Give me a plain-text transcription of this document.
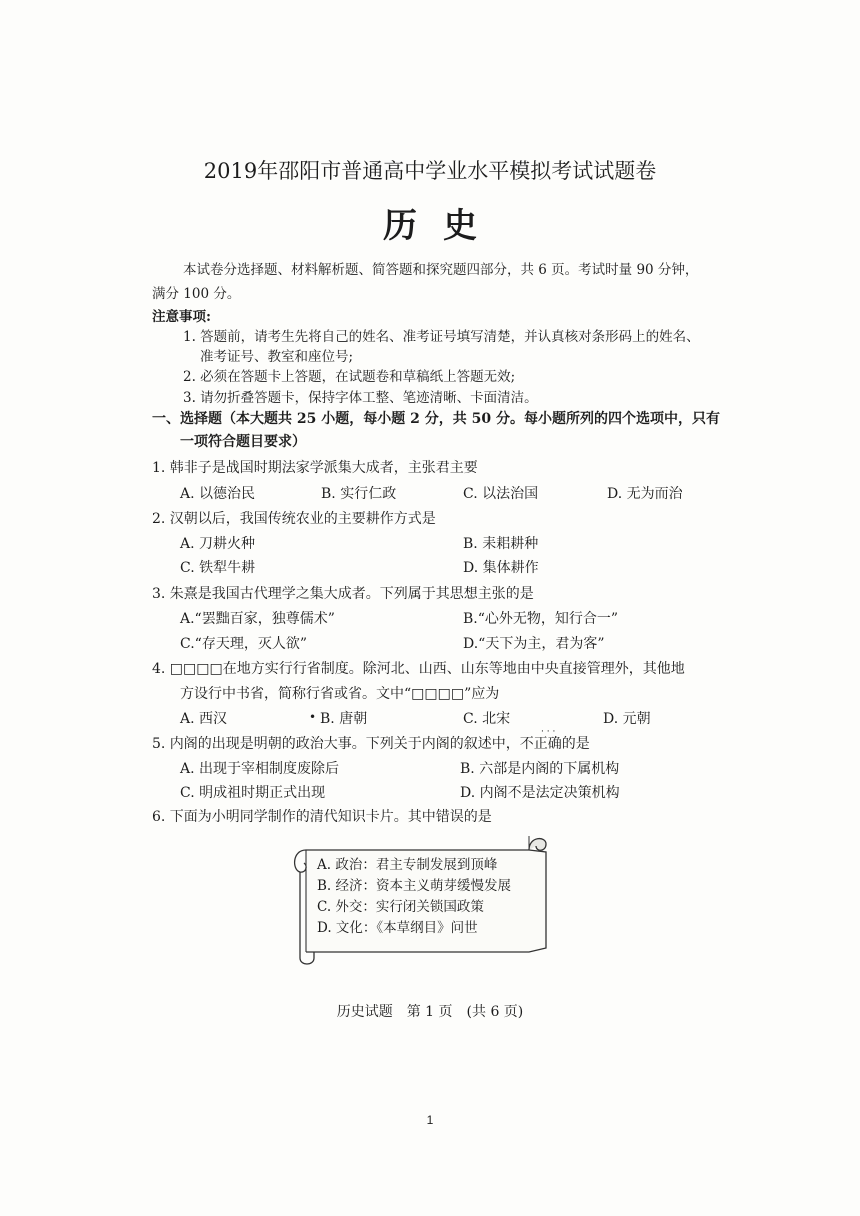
2019年邵阳市普通高中学业水平模拟考试试题卷
历史
本试卷分选择题、材料解析题、简答题和探究题四部分，共 6 页。考试时量 90 分钟，
满分 100 分。
注意事项:
1. 答题前，请考生先将自己的姓名、准考证号填写清楚，并认真核对条形码上的姓名、
准考证号、教室和座位号;
2. 必须在答题卡上答题，在试题卷和草稿纸上答题无效;
3. 请勿折叠答题卡，保持字体工整、笔迹清晰、卡面清洁。
一、选择题（本大题共 25 小题，每小题 2 分，共 50 分。每小题所列的四个选项中，只有
一项符合题目要求）
1. 韩非子是战国时期法家学派集大成者，主张君主要
A. 以德治民	B. 实行仁政	C. 以法治国	D. 无为而治
2. 汉朝以后，我国传统农业的主要耕作方式是
A. 刀耕火种	B. 耒耜耕种
C. 铁犁牛耕	D. 集体耕作
3. 朱熹是我国古代理学之集大成者。下列属于其思想主张的是
A.“罢黜百家，独尊儒术”	B.“心外无物，知行合一”
C.“存天理，灭人欲”	D.“天下为主，君为客”
4. □□□□在地方实行行省制度。除河北、山西、山东等地由中央直接管理外，其他地
方设行中书省，简称行省或省。文中“□□□□”应为
A. 西汉	• B. 唐朝	C. 北宋	D. 元朝
5. 内阁的出现是明朝的政治大事。下列关于内阁的叙述中，不正确的是
· · ·
A. 出现于宰相制度废除后	B. 六部是内阁的下属机构
C. 明成祖时期正式出现	D. 内阁不是法定决策机构
6. 下面为小明同学制作的清代知识卡片。其中错误的是
A. 政治：君主专制发展到顶峰
B. 经济：资本主义萌芽缓慢发展
C. 外交：实行闭关锁国政策
D. 文化：《本草纲目》问世
历史试题　第 1 页　(共 6 页)
1
